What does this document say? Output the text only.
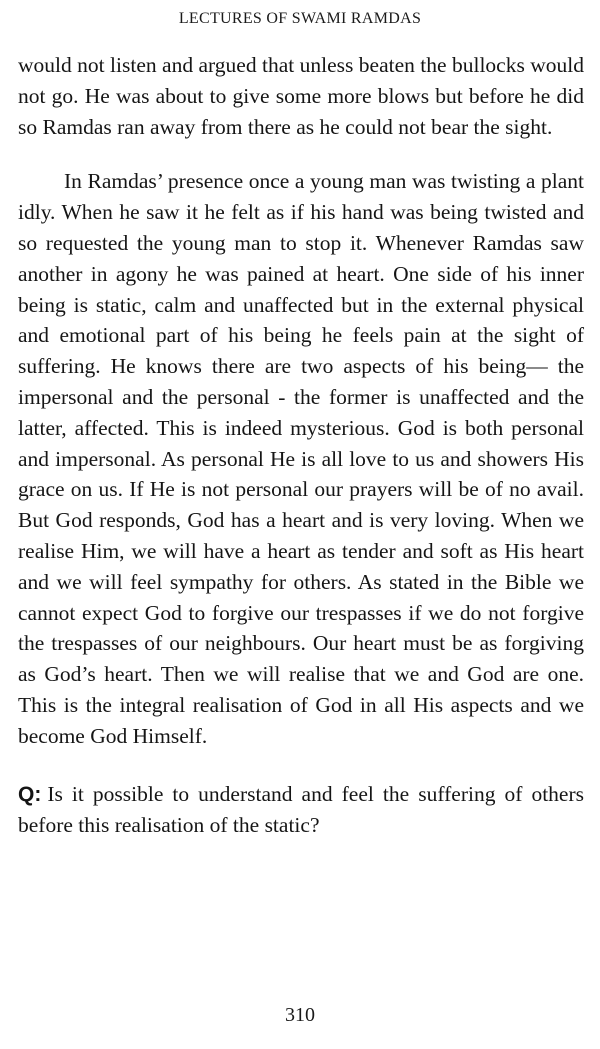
LECTURES OF SWAMI RAMDAS

would not listen and argued that unless beaten the bullocks would not go. He was about to give some more blows but before he did so Ramdas ran away from there as he could not bear the sight.

In Ramdas’ presence once a young man was twisting a plant idly. When he saw it he felt as if his hand was being twisted and so requested the young man to stop it. Whenever Ramdas saw another in agony he was pained at heart. One side of his inner being is static, calm and unaffected but in the external physical and emotional part of his being he feels pain at the sight of suffering. He knows there are two aspects of his being— the impersonal and the personal - the former is unaffected and the latter, affected. This is indeed mysterious. God is both personal and impersonal. As personal He is all love to us and showers His grace on us. If He is not personal our prayers will be of no avail. But God responds, God has a heart and is very loving. When we realise Him, we will have a heart as tender and soft as His heart and we will feel sympathy for others. As stated in the Bible we cannot expect God to forgive our trespasses if we do not forgive the trespasses of our neighbours. Our heart must be as forgiving as God’s heart. Then we will realise that we and God are one. This is the integral realisation of God in all His aspects and we become God Himself.

Q: Is it possible to understand and feel the suffering of others before this realisation of the static?

310
